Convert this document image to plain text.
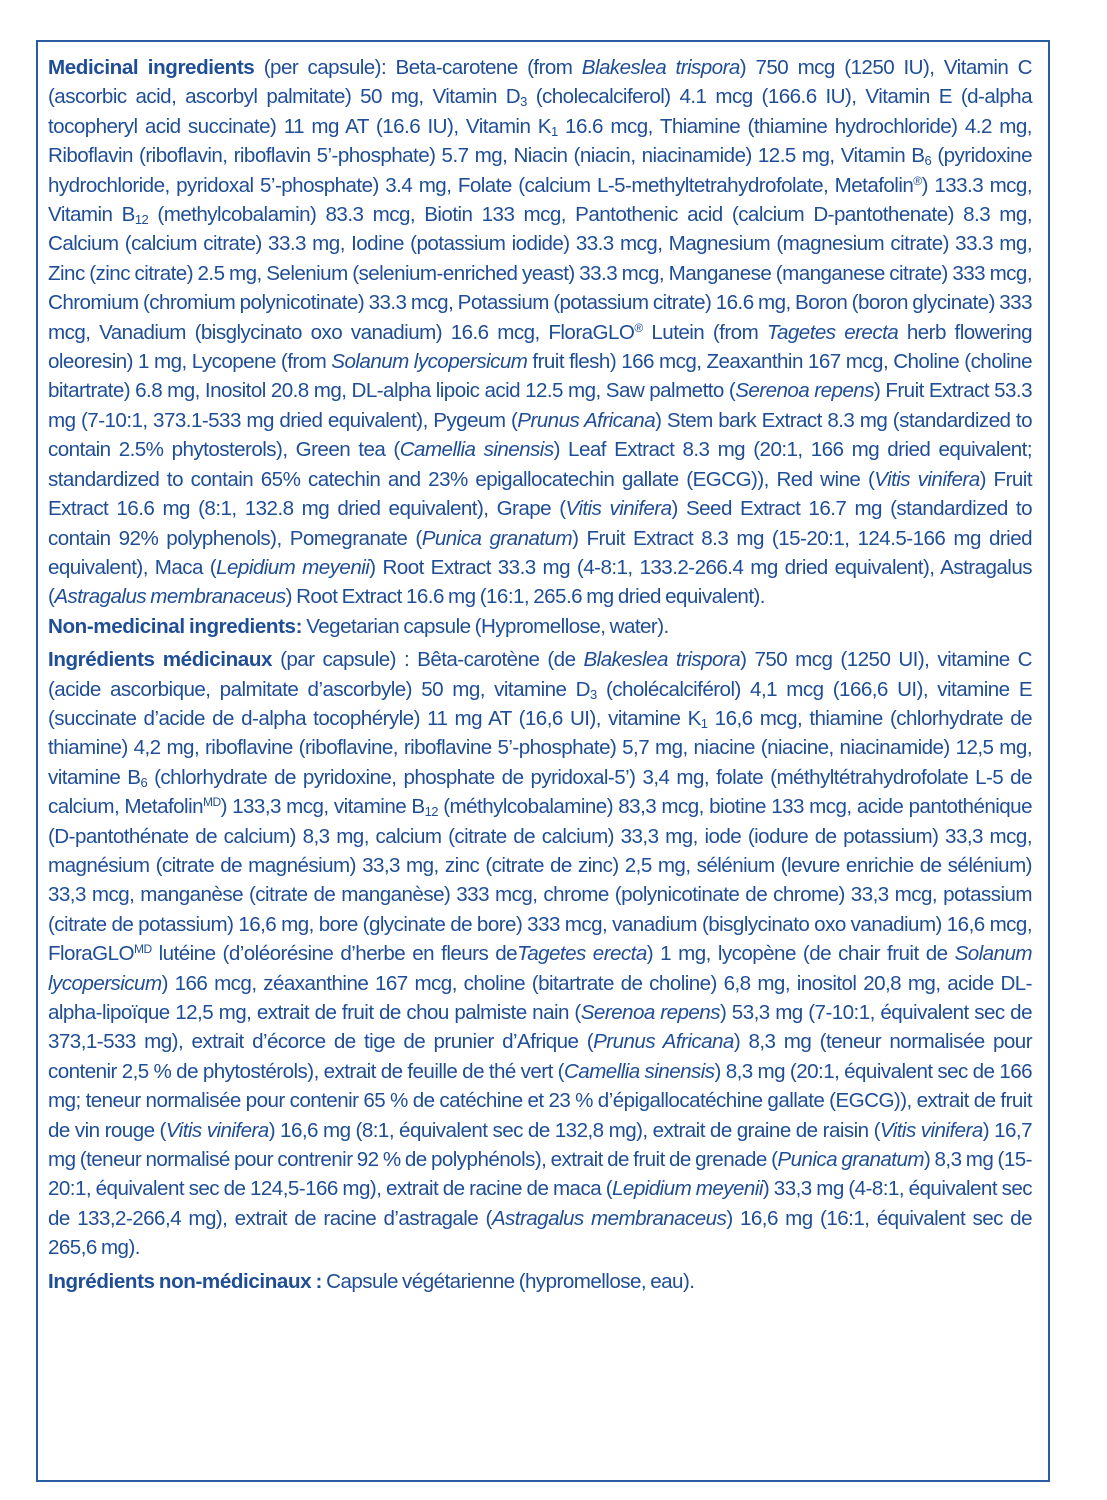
Medicinal ingredients (per capsule): Beta-carotene (from Blakeslea trispora) 750 mcg (1250 IU), Vitamin C (ascorbic acid, ascorbyl palmitate) 50 mg, Vitamin $D_3$ (cholecalciferol) 4.1 mcg (166.6 IU), Vitamin E (d-alpha tocopheryl acid succinate) 11 mg AT (16.6 IU), Vitamin $K_1$ 16.6 mcg, Thiamine (thiamine hydrochloride) 4.2 mg, Riboflavin (riboflavin, riboflavin 5’-phosphate) 5.7 mg, Niacin (niacin, niacinamide) 12.5 mg, Vitamin $B_6$ (pyridoxine hydrochloride, pyridoxal 5’-phosphate) 3.4 mg, Folate (calcium L-5-methyltetrahydrofolate, Metafolin®) 133.3 mcg, Vitamin $B_{12}$ (methylcobalamin) 83.3 mcg, Biotin 133 mcg, Pantothenic acid (calcium D-pantothenate) 8.3 mg, Calcium (calcium citrate) 33.3 mg, Iodine (potassium iodide) 33.3 mcg, Magnesium (magnesium citrate) 33.3 mg, Zinc (zinc citrate) 2.5 mg, Selenium (selenium-enriched yeast) 33.3 mcg, Manganese (manganese citrate) 333 mcg, Chromium (chromium polynicotinate) 33.3 mcg, Potassium (potassium citrate) 16.6 mg, Boron (boron glycinate) 333 mcg, Vanadium (bisglycinato oxo vanadium) 16.6 mcg, FloraGLO® Lutein (from Tagetes erecta herb flowering oleoresin) 1 mg, Lycopene (from Solanum lycopersicum fruit flesh) 166 mcg, Zeaxanthin 167 mcg, Choline (choline bitartrate) 6.8 mg, Inositol 20.8 mg, DL-alpha lipoic acid 12.5 mg, Saw palmetto (Serenoa repens) Fruit Extract 53.3 mg (7-10:1, 373.1-533 mg dried equivalent), Pygeum (Prunus Africana) Stem bark Extract 8.3 mg (standardized to contain 2.5% phytosterols), Green tea (Camellia sinensis) Leaf Extract 8.3 mg (20:1, 166 mg dried equivalent; standardized to contain 65% catechin and 23% epigallocatechin gallate (EGCG)), Red wine (Vitis vinifera) Fruit Extract 16.6 mg (8:1, 132.8 mg dried equivalent), Grape (Vitis vinifera) Seed Extract 16.7 mg (standardized to contain 92% polyphenols), Pomegranate (Punica granatum) Fruit Extract 8.3 mg (15-20:1, 124.5-166 mg dried equivalent), Maca (Lepidium meyenii) Root Extract 33.3 mg (4-8:1, 133.2-266.4 mg dried equivalent), Astragalus (Astragalus membranaceus) Root Extract 16.6 mg (16:1, 265.6 mg dried equivalent).

Non-medicinal ingredients: Vegetarian capsule (Hypromellose, water).

Ingrédients médicinaux (par capsule) : Bêta-carotène (de Blakeslea trispora) 750 mcg (1250 UI), vitamine C (acide ascorbique, palmitate d’ascorbyle) 50 mg, vitamine $D_3$ (cholécalciférol) 4,1 mcg (166,6 UI), vitamine E (succinate d’acide de d-alpha tocophéryle) 11 mg AT (16,6 UI), vitamine $K_1$ 16,6 mcg, thiamine (chlorhydrate de thiamine) 4,2 mg, riboflavine (riboflavine, riboflavine 5’-phosphate) 5,7 mg, niacine (niacine, niacinamide) 12,5 mg, vitamine $B_6$ (chlorhydrate de pyridoxine, phosphate de pyridoxal-5’) 3,4 mg, folate (méthyltétrahydrofolate L-5 de calcium, Metafolin$^{MD}$) 133,3 mcg, vitamine $B_{12}$ (méthylcobalamine) 83,3 mcg, biotine 133 mcg, acide pantothénique (D-pantothénate de calcium) 8,3 mg, calcium (citrate de calcium) 33,3 mg, iode (iodure de potassium) 33,3 mcg, magnésium (citrate de magnésium) 33,3 mg, zinc (citrate de zinc) 2,5 mg, sélénium (levure enrichie de sélénium) 33,3 mcg, manganèse (citrate de manganèse) 333 mcg, chrome (polynicotinate de chrome) 33,3 mcg, potassium (citrate de potassium) 16,6 mg, bore (glycinate de bore) 333 mcg, vanadium (bisglycinato oxo vanadium) 16,6 mcg, FloraGLO$^{MD}$ lutéine (d’oléorésine d’herbe en fleurs deTagetes erecta) 1 mg, lycopène (de chair fruit de Solanum lycopersicum) 166 mcg, zéaxanthine 167 mcg, choline (bitartrate de choline) 6,8 mg, inositol 20,8 mg, acide DL-alpha-lipoïque 12,5 mg, extrait de fruit de chou palmiste nain (Serenoa repens) 53,3 mg (7-10:1, équivalent sec de 373,1-533 mg), extrait d’écorce de tige de prunier d’Afrique (Prunus Africana) 8,3 mg (teneur normalisée pour contenir 2,5 % de phytostérols), extrait de feuille de thé vert (Camellia sinensis) 8,3 mg (20:1, équivalent sec de 166 mg; teneur normalisée pour contenir 65 % de catéchine et 23 % d’épigallocatéchine gallate (EGCG)), extrait de fruit de vin rouge (Vitis vinifera) 16,6 mg (8:1, équivalent sec de 132,8 mg), extrait de graine de raisin (Vitis vinifera) 16,7 mg (teneur normalisé pour contrenir 92 % de polyphénols), extrait de fruit de grenade (Punica granatum) 8,3 mg (15-20:1, équivalent sec de 124,5-166 mg), extrait de racine de maca (Lepidium meyenii) 33,3 mg (4-8:1, équivalent sec de 133,2-266,4 mg), extrait de racine d’astragale (Astragalus membranaceus) 16,6 mg (16:1, équivalent sec de 265,6 mg).

Ingrédients non-médicinaux : Capsule végétarienne (hypromellose, eau).
